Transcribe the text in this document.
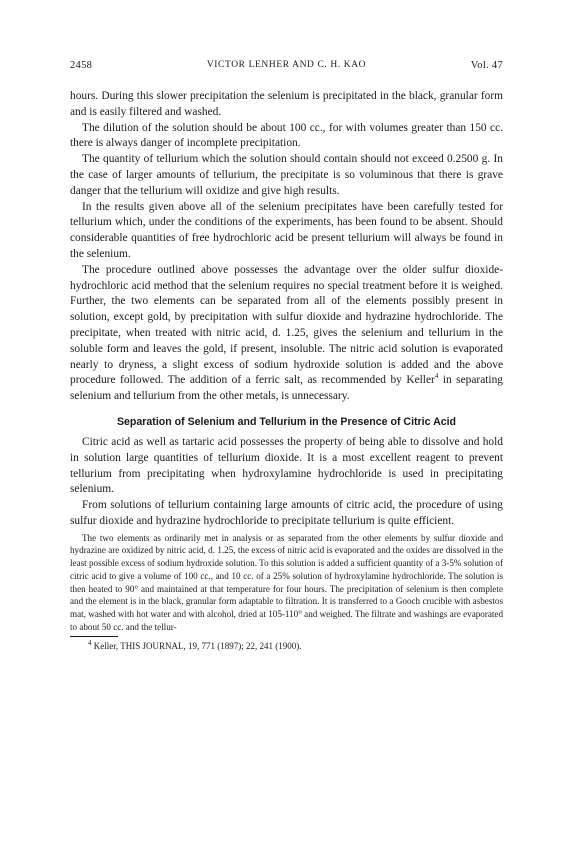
2458	VICTOR LENHER AND C. H. KAO	Vol. 47

hours. During this slower precipitation the selenium is precipitated in the black, granular form and is easily filtered and washed.

The dilution of the solution should be about 100 cc., for with volumes greater than 150 cc. there is always danger of incomplete precipitation.

The quantity of tellurium which the solution should contain should not exceed 0.2500 g. In the case of larger amounts of tellurium, the precipitate is so voluminous that there is grave danger that the tellurium will oxidize and give high results.

In the results given above all of the selenium precipitates have been carefully tested for tellurium which, under the conditions of the experiments, has been found to be absent. Should considerable quantities of free hydrochloric acid be present tellurium will always be found in the selenium.

The procedure outlined above possesses the advantage over the older sulfur dioxide-hydrochloric acid method that the selenium requires no special treatment before it is weighed. Further, the two elements can be separated from all of the elements possibly present in solution, except gold, by precipitation with sulfur dioxide and hydrazine hydrochloride. The precipitate, when treated with nitric acid, d. 1.25, gives the selenium and tellurium in the soluble form and leaves the gold, if present, insoluble. The nitric acid solution is evaporated nearly to dryness, a slight excess of sodium hydroxide solution is added and the above procedure followed. The addition of a ferric salt, as recommended by Keller$^4$ in separating selenium and tellurium from the other metals, is unnecessary.

Separation of Selenium and Tellurium in the Presence of Citric Acid

Citric acid as well as tartaric acid possesses the property of being able to dissolve and hold in solution large quantities of tellurium dioxide. It is a most excellent reagent to prevent tellurium from precipitating when hydroxylamine hydrochloride is used in precipitating selenium.

From solutions of tellurium containing large amounts of citric acid, the procedure of using sulfur dioxide and hydrazine hydrochloride to precipitate tellurium is quite efficient.

The two elements as ordinarily met in analysis or as separated from the other elements by sulfur dioxide and hydrazine are oxidized by nitric acid, d. 1.25, the excess of nitric acid is evaporated and the oxides are dissolved in the least possible excess of sodium hydroxide solution. To this solution is added a sufficient quantity of a 3-5% solution of citric acid to give a volume of 100 cc., and 10 cc. of a 25% solution of hydroxylamine hydrochloride. The solution is then heated to 90° and maintained at that temperature for four hours. The precipitation of selenium is then complete and the element is in the black, granular form adaptable to filtration. It is transferred to a Gooch crucible with asbestos mat, washed with hot water and with alcohol, dried at 105-110° and weighed. The filtrate and washings are evaporated to about 50 cc. and the tellur-

$^4$ Keller, THIS JOURNAL, 19, 771 (1897); 22, 241 (1900).
